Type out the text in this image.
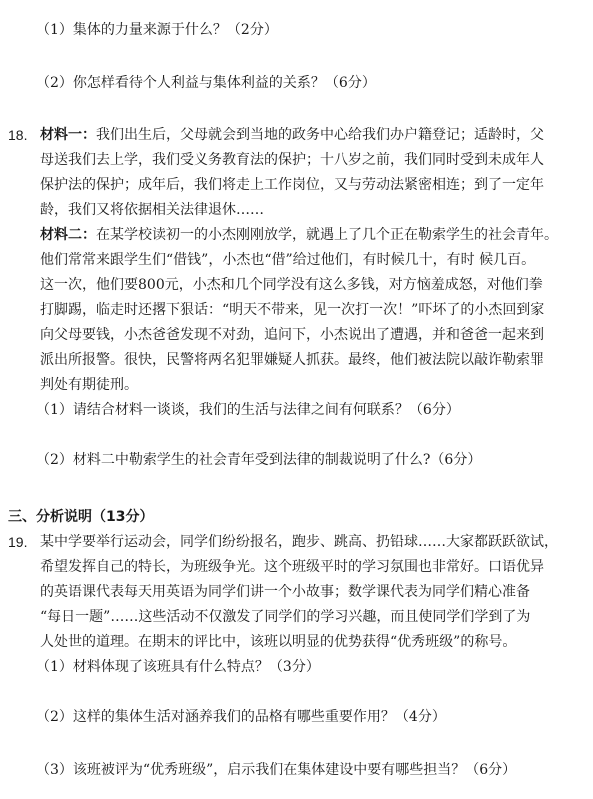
（1）集体的力量来源于什么？（2分）
（2）你怎样看待个人利益与集体利益的关系？（6分）
18. 材料一：我们出生后，父母就会到当地的政务中心给我们办户籍登记；适龄时，父
母送我们去上学，我们受义务教育法的保护；十八岁之前，我们同时受到未成年人
保护法的保护；成年后，我们将走上工作岗位，又与劳动法紧密相连；到了一定年
龄，我们又将依据相关法律退休……
材料二：在某学校读初一的小杰刚刚放学，就遇上了几个正在勒索学生的社会青年。
他们常常来跟学生们“借钱”，小杰也“借”给过他们，有时候几十，有时 候几百。
这一次，他们要800元，小杰和几个同学没有这么多钱，对方恼羞成怒，对他们拳
打脚踢，临走时还撂下狠话：“明天不带来，见一次打一次！”吓坏了的小杰回到家
向父母要钱，小杰爸爸发现不对劲，追问下，小杰说出了遭遇，并和爸爸一起来到
派出所报警。很快，民警将两名犯罪嫌疑人抓获。最终，他们被法院以敲诈勒索罪
判处有期徒刑。
（1）请结合材料一谈谈，我们的生活与法律之间有何联系？（6分）
（2）材料二中勒索学生的社会青年受到法律的制裁说明了什么?（6分）
三、分析说明（13分）
19. 某中学要举行运动会，同学们纷纷报名，跑步、跳高、扔铅球……大家都跃跃欲试，
希望发挥自己的特长，为班级争光。这个班级平时的学习氛围也非常好。口语优异
的英语课代表每天用英语为同学们讲一个小故事；数学课代表为同学们精心准备
“每日一题”……这些活动不仅激发了同学们的学习兴趣，而且使同学们学到了为
人处世的道理。在期末的评比中，该班以明显的优势获得“优秀班级”的称号。
（1）材料体现了该班具有什么特点？（3分）
（2）这样的集体生活对涵养我们的品格有哪些重要作用？（4分）
（3）该班被评为“优秀班级”，启示我们在集体建设中要有哪些担当？（6分）
